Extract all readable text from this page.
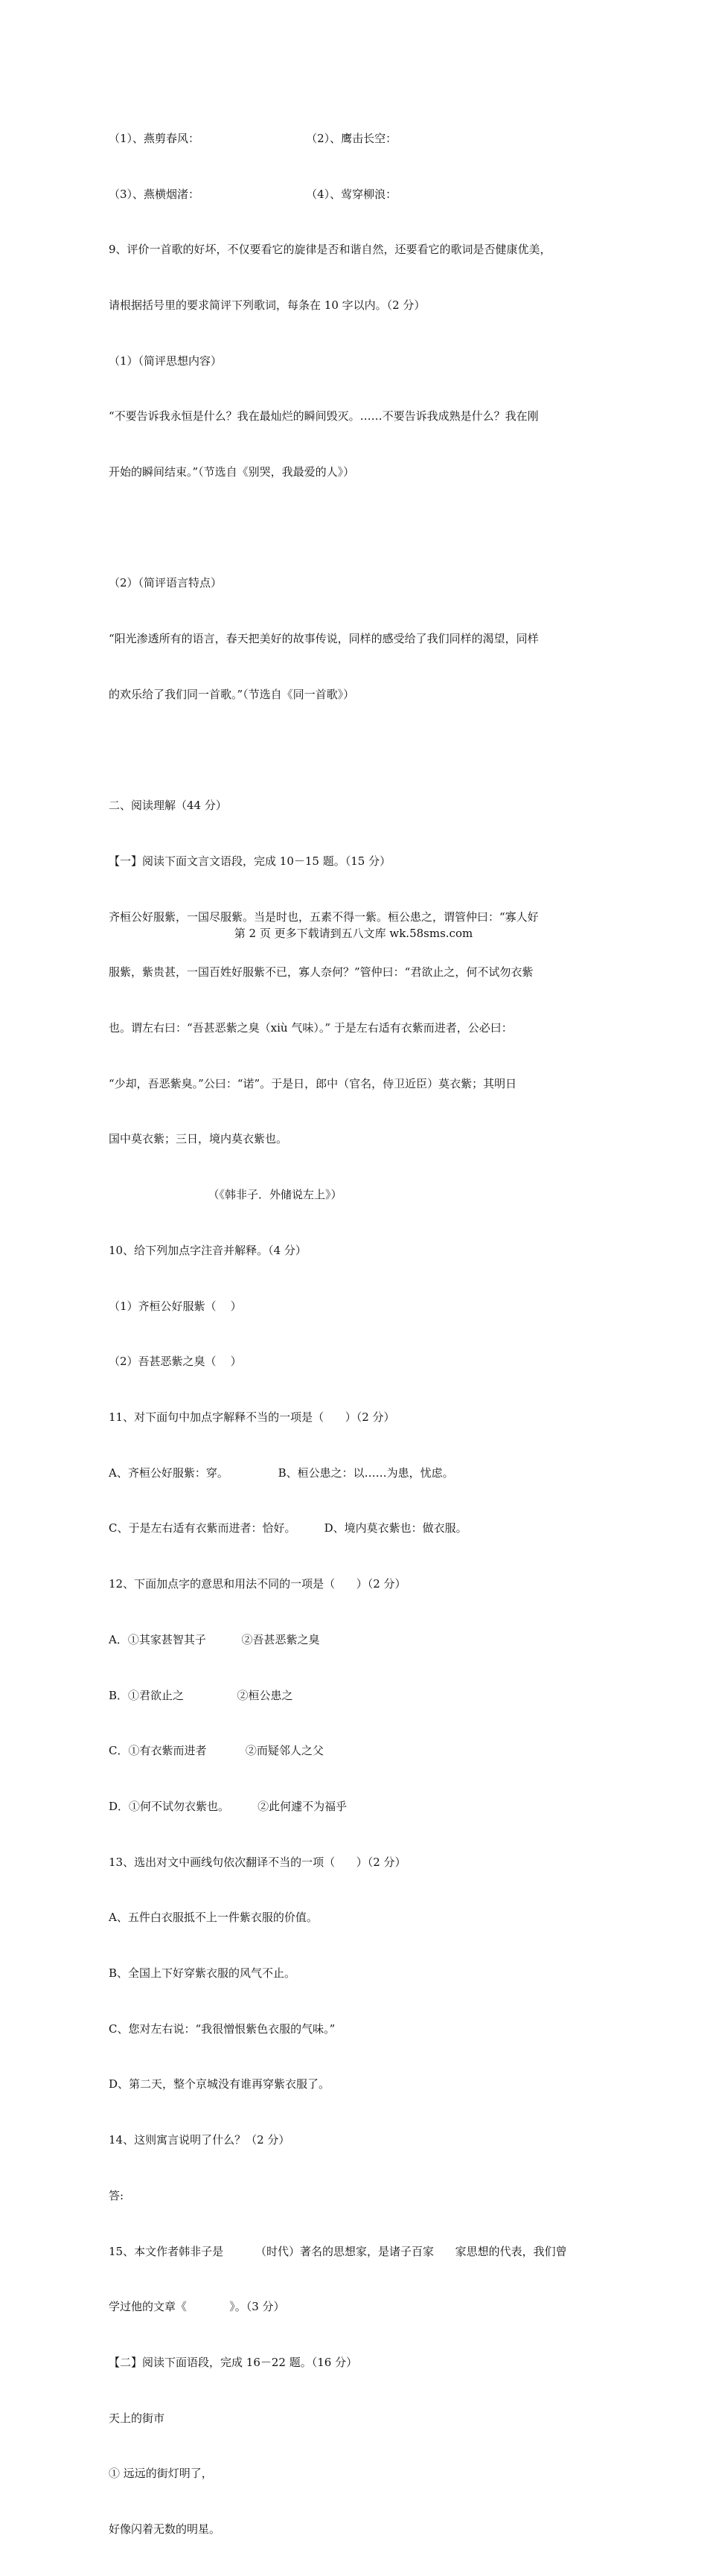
（1）、燕剪春风：                              （2）、鹰击长空：

（3）、燕横烟渚：                              （4）、莺穿柳浪：

9、评价一首歌的好坏，不仅要看它的旋律是否和谐自然，还要看它的歌词是否健康优美，

请根据括号里的要求简评下列歌词，每条在 10 字以内。（2 分）

（1）（简评思想内容）

“不要告诉我永恒是什么？我在最灿烂的瞬间毁灭。……不要告诉我成熟是什么？我在刚

开始的瞬间结束。”（节选自《别哭，我最爱的人》）

（2）（简评语言特点）

“阳光渗透所有的语言，春天把美好的故事传说，同样的感受给了我们同样的渴望，同样

的欢乐给了我们同一首歌。”（节选自《同一首歌》）

二、阅读理解（44 分）

【一】阅读下面文言文语段，完成 10－15 题。（15 分）

齐桓公好服紫，一国尽服紫。当是时也，五素不得一紫。桓公患之，谓管仲曰：“寡人好

服紫，紫贵甚，一国百姓好服紫不已，寡人奈何？”管仲曰：“君欲止之，何不试勿衣紫

也。谓左右曰：“吾甚恶紫之臭（xiù 气味）。” 于是左右适有衣紫而进者，公必曰：

“少却，吾恶紫臭。”公曰：“诺”。于是日，郎中（官名，侍卫近臣）莫衣紫；其明日

国中莫衣紫；三日，境内莫衣紫也。

（《韩非子．外储说左上》）

10、给下列加点字注音并解释。（4 分）

（1）齐桓公好服紫（    ）

（2）吾甚恶紫之臭（    ）

11、对下面句中加点字解释不当的一项是（      ）（2 分）

A、齐桓公好服紫：穿。              B、桓公患之：以……为患，忧虑。

C、于是左右适有衣紫而进者：恰好。        D、境内莫衣紫也：做衣服。

12、下面加点字的意思和用法不同的一项是（      ）（2 分）

A．①其家甚智其子          ②吾甚恶紫之臭

B．①君欲止之               ②桓公患之

C．①有衣紫而进者           ②而疑邻人之父

D．①何不试勿衣紫也。        ②此何遽不为福乎

13、选出对文中画线句依次翻译不当的一项（      ）（2 分）

A、五件白衣服抵不上一件紫衣服的价值。

B、全国上下好穿紫衣服的风气不止。

C、您对左右说：“我很憎恨紫色衣服的气味。”

D、第二天，整个京城没有谁再穿紫衣服了。

14、这则寓言说明了什么？（2 分）

答:

15、本文作者韩非子是         （时代）著名的思想家，是诸子百家      家思想的代表，我们曾

学过他的文章《            》。（3 分）

【二】阅读下面语段，完成 16－22 题。（16 分）

天上的街市

① 远远的街灯明了，

好像闪着无数的明星。

第 2 页 更多下载请到五八文库 wk.58sms.com
